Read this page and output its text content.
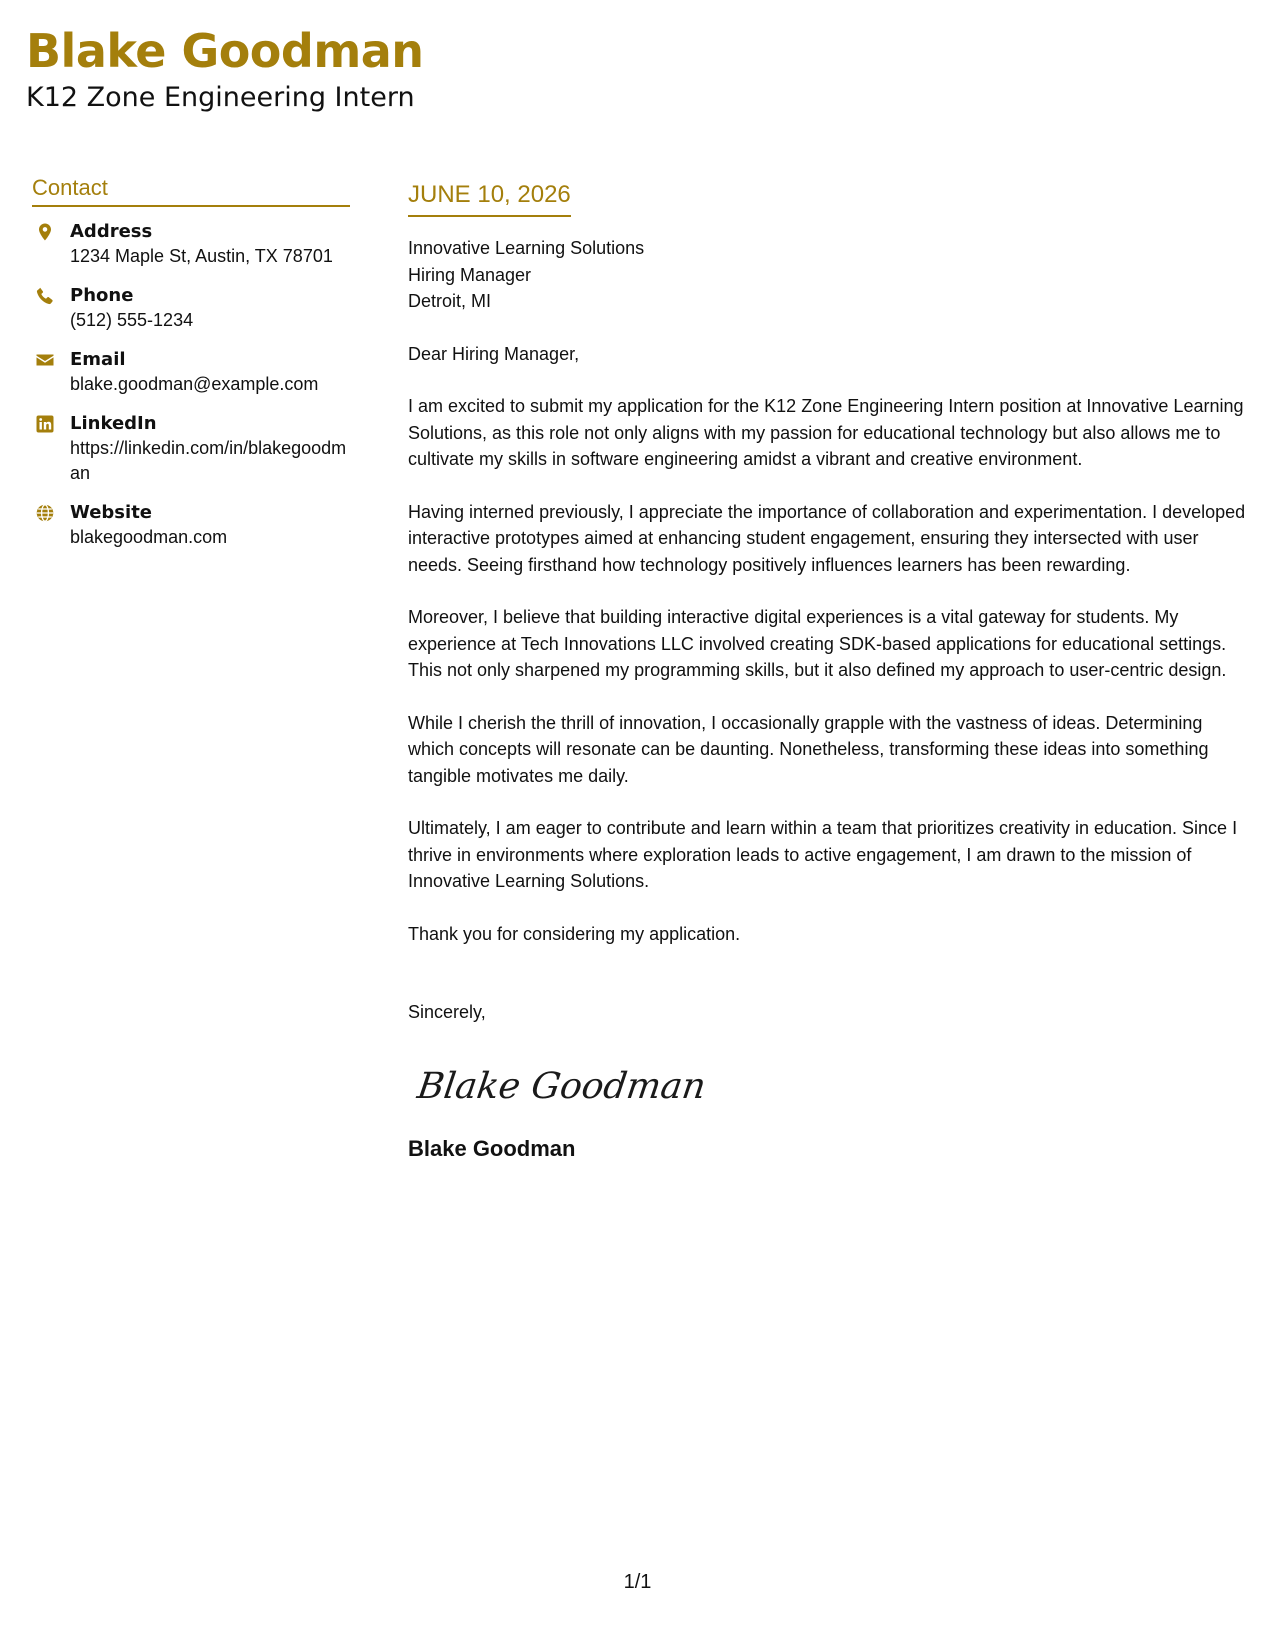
Blake Goodman
K12 Zone Engineering Intern
Contact
Address
1234 Maple St, Austin, TX 78701
Phone
(512) 555-1234
Email
blake.goodman@example.com
LinkedIn
https://linkedin.com/in/blakegoodman
Website
blakegoodman.com
JUNE 10, 2026
Innovative Learning Solutions
Hiring Manager
Detroit, MI

Dear Hiring Manager,

I am excited to submit my application for the K12 Zone Engineering Intern position at Innovative Learning Solutions, as this role not only aligns with my passion for educational technology but also allows me to cultivate my skills in software engineering amidst a vibrant and creative environment.

Having interned previously, I appreciate the importance of collaboration and experimentation. I developed interactive prototypes aimed at enhancing student engagement, ensuring they intersected with user needs. Seeing firsthand how technology positively influences learners has been rewarding.

Moreover, I believe that building interactive digital experiences is a vital gateway for students. My experience at Tech Innovations LLC involved creating SDK-based applications for educational settings. This not only sharpened my programming skills, but it also defined my approach to user-centric design.

While I cherish the thrill of innovation, I occasionally grapple with the vastness of ideas. Determining which concepts will resonate can be daunting. Nonetheless, transforming these ideas into something tangible motivates me daily.

Ultimately, I am eager to contribute and learn within a team that prioritizes creativity in education. Since I thrive in environments where exploration leads to active engagement, I am drawn to the mission of Innovative Learning Solutions.

Thank you for considering my application.

Sincerely,
Blake Goodman
Blake Goodman
1/1
